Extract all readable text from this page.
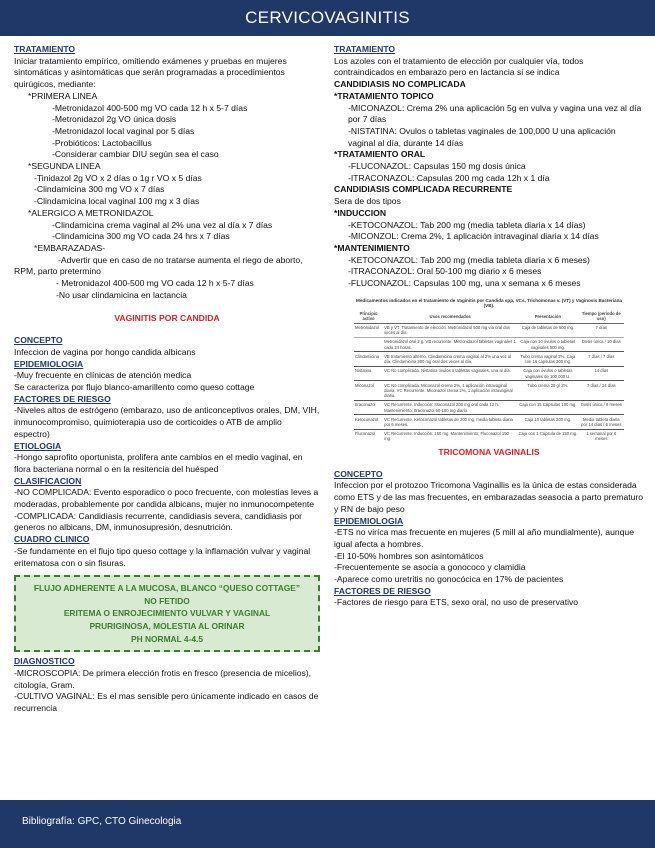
CERVICOVAGINITIS

TRATAMIENTO

Iniciar tratamiento empírico, omitiendo exámenes y pruebas en mujeres sintomáticas y asintomáticas que serán programadas a procedimientos quirúgicos, mediante:

*PRIMERA LINEA

-Metronidazol 400-500 mg VO cada 12 h x 5-7 días

-Metronidazol 2g VO única dosis

-Metronidazol local vaginal por 5 días

-Probióticos: Lactobacillus

-Considerar cambiar DIU según sea el caso

*SEGUNDA LINEA

-Tinidazol 2g VO x 2 días o 1g r VO x 5 días

-Clindamicina 300 mg VO x 7 días

-Clindamicina local vaginal 100 mg x 3 días

*ALERGICO A METRONIDAZOL

-Clindamicina crema vaginal al 2% una vez al día x 7 días

-Clindamicina 300 mg VO cada 24 hrs x 7 días

*EMBARAZADAS-

-Advertir que en caso de no tratarse aumenta el riego de aborto, RPM, parto pretermino

- Metronidazol 400-500 mg VO cada 12 h x 5-7 días

-No usar clindamicina en lactancia

VAGINITIS POR CANDIDA

CONCEPTO

Infeccion de vagina por hongo candida albicans

EPIDEMIOLOGIA

-Muy frecuente en clínicas de atención medica

Se caracteriza por flujo blanco-amarillento como queso cottage

FACTORES DE RIESGO

-Niveles altos de estrógeno (embarazo, uso de anticonceptivos orales, DM, VIH, inmunocompromiso, quimioterapia uso de corticoides o ATB de amplio espectro)

ETIOLOGIA

-Hongo saprofito oportunista, prolifera ante cambios en el medio vaginal, en flora bacteriana normal o en la resitencia del huésped

CLASIFICACION

-NO COMPLICADA: Evento esporadico o poco frecuente, con molestias leves a moderadas, probablemente por candida albicans, mujer no inmunocompetente

-COMPLICADA: Candidiasis recurrente, candidiasis severa, candidiasis por generos no albicans, DM, inmunosupresión, desnutrición.

CUADRO CLINICO

-Se fundamente en el flujo tipo queso cottage y la inflamación vulvar y vaginal eritematosa con o sin fisuras.

FLUJO ADHERENTE A LA MUCOSA, BLANCO “QUESO COTTAGE”

NO FETIDO

ERITEMA O ENROJECIMIENTO VULVAR Y VAGINAL

PRURIGINOSA, MOLESTIA AL ORINAR

PH NORMAL 4-4.5

DIAGNOSTICO

-MICROSCOPIA: De primera elección frotis en fresco (presencia de micelios), citología, Gram.

-CULTIVO VAGINAL: Es el mas sensible pero únicamente indicado en casos de recurrencia

TRATAMIENTO

Los azoles con el tratamiento de elección por cualquier vía, todos contraindicados en embarazo pero en lactancia si se indica

CANDIDIASIS NO COMPLICADA

*TRATAMIENTO TOPICO

-MICONAZOL: Crema 2% una aplicación 5g en vulva y vagina una vez al día por 7 días

-NISTATINA: Ovulos o tabletas vaginales de 100,000 U una aplicación vaginal al día, durante 14 días

*TRATAMIENTO ORAL

-FLUCONAZOL: Capsulas 150 mg dosis única

-ITRACONAZOL: Capsulas 200 mg cada 12h x 1 día

CANDIDIASIS COMPLICADA RECURRENTE

Sera de dos tipos

*INDUCCION

-KETOCONAZOL: Tab 200 mg (media tableta diaria x 14 días)

-MICONZOL: Crema 2%, 1 aplicación intravaginal diaria x 14 días

*MANTENIMIENTO

-KETOCONAZOL: Tab 200 mg (media tableta diaria x 6 meses)

-ITRACONAZOL: Oral 50-100 mg diario x 6 meses

-FLUCONAZOL: Capsulas 100 mg, una x semana x 6 meses

Medicamentos indicados en el tratamiento de Vaginitis por Candida spp, VCs, Trichomonas v. (VT) y Vaginosis Bacteriana (VB).
Principio activo	Usos recomendados	Presentación	Tiempo (período de uso)
Metronidazol	VB y VT. Tratamiento de elección. Metronidazol 500 mg vía oral dos veces al día.	Caja de tabletas de 500 mg.	7 días
	Metronidazol oral 2 g. VB recurrente. Metronidazol tabletas vaginales 1 cada 24 horas.	Caja con 10 óvulos o tabletas vaginales 500 mg.	Dosis única / 10 días
Clindamicina	VB tratamiento alterno. Clindamicina crema vaginal al 2% una vez al día. Clindamicina 300 mg oral dos veces al día.	Tubo crema vaginal 2%. Caja con 16 cápsulas 300 mg.	7 días / 7 días
Nistatina	VC No complicada. Nistatina óvulos o tabletas vaginales, una al día.	Caja con óvulos o tabletas vaginales de 100,000 U.	14 días
Miconazol	VC No complicada. Miconazol crema 2%, 1 aplicación intravaginal diaria. VC Recurrente. Miconazol crema 2%, 1 aplicación intravaginal diaria.	Tubo crema 20 g/ 2%.	7 días / 14 días
Itraconazol	VC Recurrente. Inducción: Itraconazol 200 mg oral cada 12 h. Mantenimiento: Itraconazol 50-100 mg diario.	Caja con 15 Cápsulas 100 mg.	Dosis única / 6 meses
Ketoconazol	VC Recurrente. Ketoconazol tabletas de 200 mg, media tableta diaria por 6 meses.	Caja 10 tabletas 200 mg.	Media tableta diaria por 14 días / 6 meses
Fluconazol	VC Recurrente. Inducción: 150 mg. Mantenimiento: Fluconazol 150 mg.	Caja con 1 Cápsula de 150 mg.	1 semanal por 6 meses

TRICOMONA VAGINALIS

CONCEPTO

Infeccion por el protozoo Tricomona Vaginallis es la única de estas considerada como ETS y de las mas frecuentes, en embarazadas seasocia a parto prematuro y RN de bajo peso

EPIDEMIOLOGIA

-ETS no viríca mas frecuente en mujeres (5 mill al año mundialmente), aunque igual afecta a hombres.

-El 10-50% hombres son asintomáticos

-Frecuentemente se asocia a gonococo y clamidia

-Aparece como uretritis no gonocócica en 17% de pacientes

FACTORES DE RIESGO

-Factores de riesgo para ETS, sexo oral, no uso de preservativo

Bibliografía: GPC, CTO Ginecologia
